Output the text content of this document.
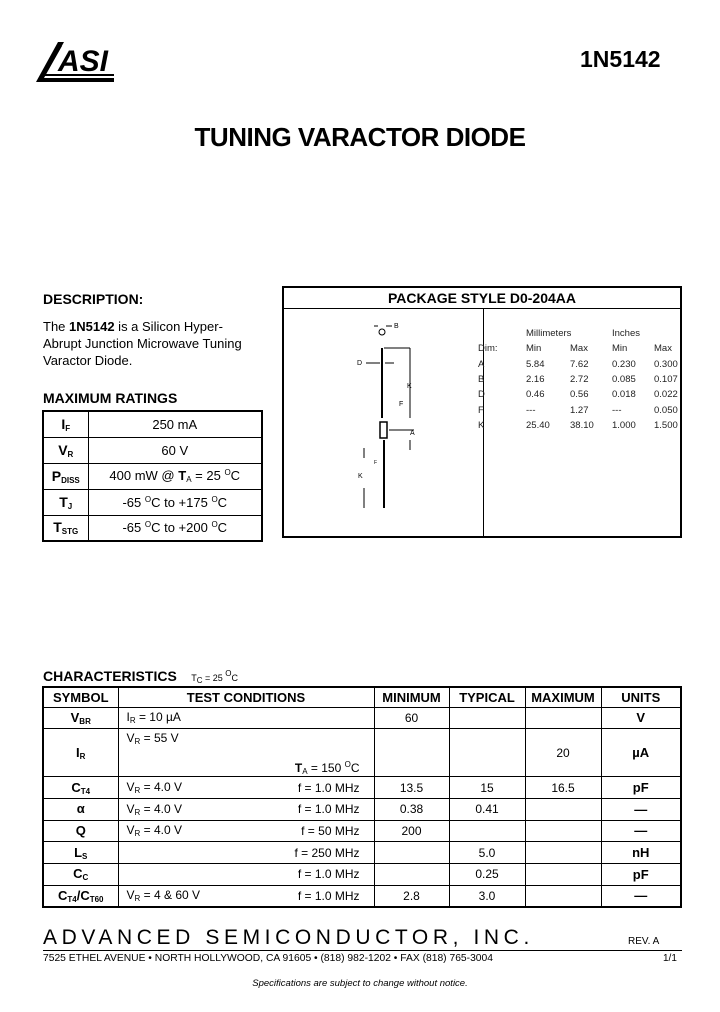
ASI	1N5142
TUNING VARACTOR DIODE
DESCRIPTION:
The 1N5142 is a Silicon Hyper-
Abrupt Junction Microwave Tuning
Varactor Diode.
MAXIMUM RATINGS
$I_F$	250 mA
$V_R$	60 V
$P_{DISS}$	400 mW @ $T_A = 25$ $^O$C
$T_J$	-65 $^O$C to +175 $^O$C
$T_{STG}$	-65 $^O$C to +200 $^O$C
PACKAGE STYLE D0-204AA
B
D
K
F
A
K
F
	Millimeters		Inches	
Dim:	Min	Max	Min	Max
A	5.84	7.62	0.230	0.300
B	2.16	2.72	0.085	0.107
D	0.46	0.56	0.018	0.022
F	---	1.27	---	0.050
K	25.40	38.10	1.000	1.500
CHARACTERISTICS $T_C = 25$ $^O$C
SYMBOL	TEST CONDITIONS	MINIMUM	TYPICAL	MAXIMUM	UNITS
$V_{BR}$	$I_R = 10$ µA	60			V
$I_R$	$V_R = 55$ V
$T_A = 150$ $^O$C			20	µA
$C_{T4}$	$V_R = 4.0$ V f = 1.0 MHz	13.5	15	16.5	pF
α	$V_R = 4.0$ V f = 1.0 MHz	0.38	0.41		—
Q	$V_R = 4.0$ V f = 50 MHz	200			—
$L_S$	f = 250 MHz		5.0		nH
$C_C$	f = 1.0 MHz		0.25		pF
$C_{T4}/C_{T60}$	$V_R = 4$ & 60 V f = 1.0 MHz	2.8	3.0		—
ADVANCED SEMICONDUCTOR, INC.	REV. A
7525 ETHEL AVENUE • NORTH HOLLYWOOD, CA 91605 • (818) 982-1202 • FAX (818) 765-3004	1/1
Specifications are subject to change without notice.
